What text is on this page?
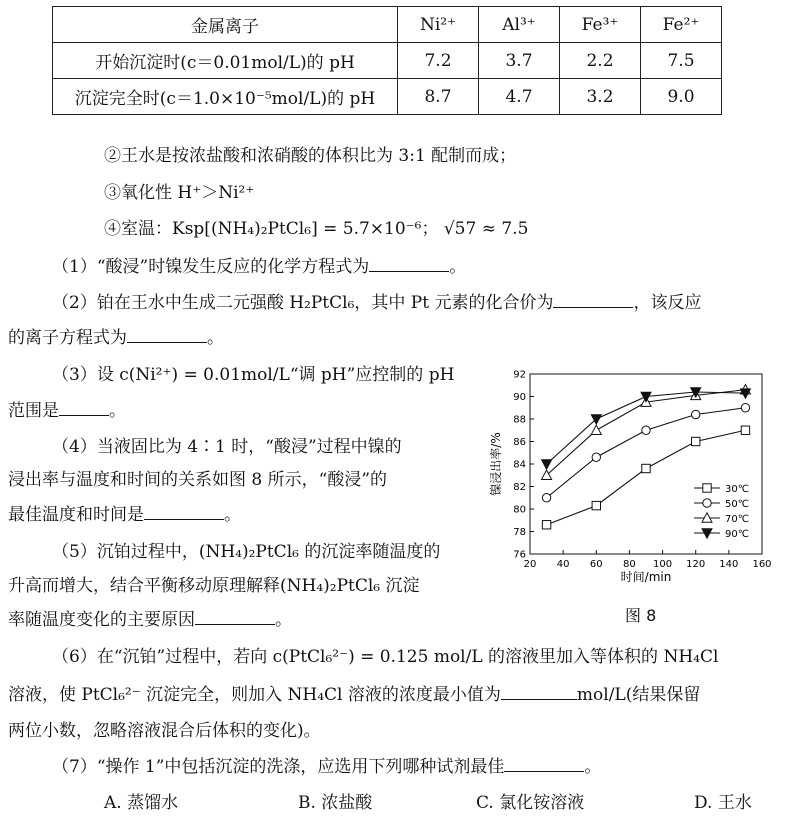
金属离子	Ni²⁺	Al³⁺	Fe³⁺	Fe²⁺
开始沉淀时(c＝0.01mol/L)的 pH	7.2	3.7	2.2	7.5
沉淀完全时(c＝1.0×10⁻⁵mol/L)的 pH	8.7	4.7	3.2	9.0
②王水是按浓盐酸和浓硝酸的体积比为 3:1 配制而成；
③氧化性 H⁺＞Ni²⁺
④室温：Ksp[(NH₄)₂PtCl₆] = 5.7×10⁻⁶； √57 ≈ 7.5
（1）“酸浸”时镍发生反应的化学方程式为	。
（2）铂在王水中生成二元强酸 H₂PtCl₆，其中 Pt 元素的化合价为	，该反应
的离子方程式为	。
（3）设 c(Ni²⁺) = 0.01mol/L“调 pH”应控制的 pH
范围是	。
（4）当液固比为 4∶1 时，“酸浸”过程中镍的
浸出率与温度和时间的关系如图 8 所示，“酸浸”的
最佳温度和时间是	。
（5）沉铂过程中，(NH₄)₂PtCl₆ 的沉淀率随温度的
升高而增大，结合平衡移动原理解释(NH₄)₂PtCl₆ 沉淀
率随温度变化的主要原因	。
20 40 60 80 100 120 140 160
76
78
80
82
84
86
88
90
92
时间/min
镍浸出率/%	30℃
50℃
70℃
90℃
图 8
（6）在“沉铂”过程中，若向 c(PtCl₆²⁻) = 0.125 mol/L 的溶液里加入等体积的 NH₄Cl
溶液，使 PtCl₆²⁻ 沉淀完全，则加入 NH₄Cl 溶液的浓度最小值为	mol/L(结果保留
两位小数，忽略溶液混合后体积的变化)。
（7）“操作 1”中包括沉淀的洗涤，应选用下列哪种试剂最佳	。
A. 蒸馏水	B. 浓盐酸	C. 氯化铵溶液	D. 王水
